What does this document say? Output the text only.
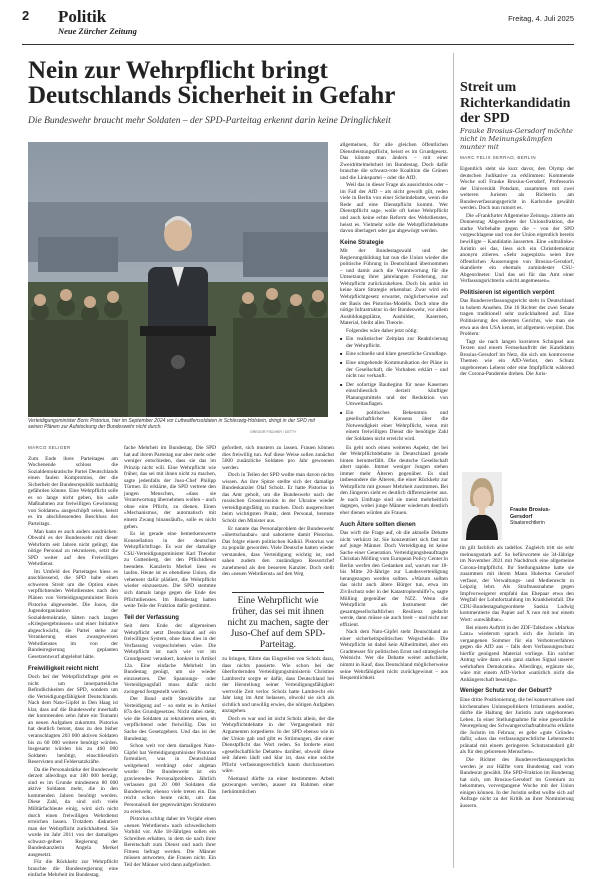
2 Politik
Neue Zürcher Zeitung
Freitag, 4. Juli 2025
Nein zur Wehrpflicht bringt Deutschlands Sicherheit in Gefahr
Die Bundeswehr braucht mehr Soldaten – der SPD-Parteitag erkennt darin keine Dringlichkeit
Verteidigungsminister Boris Pistorius, hier im September 2024 vor Luftwaffensoldaten in Schleswig-Holstein, dringt in der SPD mit seinen Plänen zur Aufstockung der Bundeswehr nicht durch.
GREGOR FISCHER / GETTY

MARCO SELIGER

Zum Ende ihres Parteitages am Wochenende schloss die Sozialdemokratische Partei Deutschlands einen faulen Kompromiss, der die Sicherheit der Bundesrepublik nachhaltig gefährden könnte. Eine Wehrpflicht solle es so lange nicht geben, bis »alle Maßnahmen zur freiwilligen Gewinnung von Soldaten« ausgeschöpft seien, heisst es im abschliessenden Beschluss des Parteitags.

Man kann es auch anders ausdrücken: Obwohl es der Bundeswehr mit dieser Wehrform seit Jahren nicht gelingt, das nötige Personal zu rekrutieren, setzt die SPD weiter auf den Freiwilligen Wehrdienst.

Im Umfeld des Parteitages hiess es anschliessend, die SPD habe einen schweren Streit um die Option eines verpflichtenden Wehrdienstes nach den Plänen von Verteidigungsminister Boris Pistorius abgewendet. Die Jusos, die Jugendorganisation der Sozialdemokratie, hätten nach langen »Kriegsergebnissen« und einer Initiative abgeschwächt, die Partei stehe zur Verankerung eines zwangsweisen Wehrdienstes im von der Bundesregierung geplanten Gesetzentwurf abgelehnt hätte.

Freiwilligkeit reicht nicht

Doch bei der Wehrpflichtfrage geht es nicht um innerparteiliche Befindlichkeiten der SPD, sondern um die Verteidigungsfähigkeit Deutschlands. Nach dem Nato-Gipfel in Den Haag ist klar, dass auf die Bundeswehr innerhalb der kommenden zehn Jahre ein Tsunami an neuen Aufgaben zukommt. Pistorius hat deutlich betont, dass zu den bisher veranschlagten 203 000 aktiven Soldaten bis zu 60 000 weitere benötigt würden. Insgesamt würden bis zu 460 000 Soldaten benötigt, einschliesslich Reservisten und Feldersatzkräfte.

Da die Personalstärke der Bundeswehr derzeit allerdings nur 180 000 beträgt, sind es im Grunde mindestens 80 000 aktive Soldaten mehr, die in den kommenden Jahren benötigt werden. Diese Zahl, da sind sich viele Militärfachleute einig, wird sich nicht durch einen freiwilligen Wehrdienst erreichen lassen. Trotzdem diskutiert man der Wehrpflicht zurückhaltend. Sie wurde im Jahr 2011 von der damaligen schwarz-gelben Regierung der Bundeskanzlerin Angela Merkel ausgesetzt.

Für die Rückkehr zur Wehrpflicht brauchte die Bundesregierung eine einfache Mehrheit im Bundestag.

fache Mehrheit im Bundestag. Die SPD hat auf ihrem Parteitag nur aber mehr oder weniger entschieden, dass sie das im Prinzip nicht will. Eine Wehrpflicht wie früher, das sei mit ihnen nicht zu machen, sagte jedenfalls der Juso-Chef Philipp Türmer. Er erklärte, die SPD vertrete den jungen Menschen, »dass sie Verantwortung übernehmen wollen – auch ohne eine Pflicht, zu dienen. Einen »Mechanismus, der automatisch mit einem Zwang hinausläuft«, solle es nicht geben.

Es ist gerade eine bemerkenswerte Konstellation in der deutschen Wehrpflichtfrage. Es war der damalige CSU-Verteidigungsminister Karl Theodor zu Guttenberg, der den Pflichtdienst beendete. Kanzlerin Merkel liess es laufen. Heute ist es ebendiese Union, die vehement dafür plädiert, die Wehrpflicht wieder einzusetzen. Die SPD stemmte sich damals lange gegen die Ende des Pflichtdienstes. Im Bundestag hatten weite Teile der Fraktion dafür gestimmt.

Teil der Verfassung

Seit dem Ende der allgemeinen Wehrpflicht setzt Deutschland auf ein freiwilliges System, ohne dass dies in der Verfassung vorgeschrieben wäre. Die Wehrpflicht ist nach wie vor im Grundgesetz verankert, konkret in Artikel 12a. Eine einfache Mehrheit im Bundestag genügt, um sie wieder einzusetzen. Der Spannungs- oder Verteidigungsfall muss dafür nicht zwingend festgestellt werden.

Der Bund stellt Streitkräfte zur Verteidigung auf – so steht es in Artikel 87a des Grundgesetzes. Nicht dabei steht, wie die Soldaten zu rekrutieren seien, ob verpflichtend oder freiwillig. Das ist Sache des Gesetzgebers. Und das ist der Bundestag.

Schon weit vor dem damaligen Nato-Gipfel hat Verteidigungsminister Pistorius formuliert, was in Deutschland weitgehend verdrängt oder abgetan wurde: Die Bundeswehr ist ein gravierendes Personalproblem. Jährlich verlassen gut 20 000 Soldaten die Bundeswehr, ebenso viele treten ein. Das reicht schon heute nicht, um das Personalsoll der gegenwärtigen Strukturen zu erreichen.

Pistorius schlug daher im Vorjahr einen »neuen Wehrdienst« nach schwedischem Vorbild vor. Alle 18-Jährigen sollen ein Schreiben erhalten, in dem sie nach ihrer Bereitschaft zum Dienst und nach ihrer Fitness befragt werden. Die Männer müssen antworten, die Frauen nicht. Ein Teil der Männer wird dann aufgefordert.

gefordert, sich mustern zu lassen. Frauen können dies freiwillig tun. Auf diese Weise sollen zunächst 5000 zusätzliche Soldaten pro Jahr gewonnen werden.

Doch in Teilen der SPD wollte man davon nichts wissen. An ihre Spitze stellte sich der damalige Bundeskanzler Olaf Scholz. Er hatte Pistorius in das Amt geholt, um die Bundeswehr nach der russischen Grossinvasion in der Ukraine wieder verteidigungsfähig zu machen. Doch ausgerechnet beim wichtigsten Punkt, dem Personal, bremste Scholz den Minister aus.

Er nannte das Personalproblem der Bundeswehr »übertschaubar« und sabotierte damit Pistorius. Das folgte einem politischen Kalkül. Pistorius war zu populär geworden. Viele Deutsche hatten wieder verstanden, dass Verteidigung wichtig ist, und sahen zudem den zuständigen Ressortchef zunehmend als den besseren Kanzler. Doch stellt den »neuen Wehrdienst« auf den Weg

Eine Wehrpflicht wie früher, das sei mit ihnen nicht zu machen, sagte der Juso-Chef auf dem SPD-Parteitag.

zu bringen, führte das Eingreifen von Scholz dazu, dass nichts passierte. Wie schon bei der überfordernden Verteidigungsministerin Christine Lambrecht sorgte er dafür, dass Deutschland bei der Herstellung seiner Verteidigungsfähigkeit wertvolle Zeit verlor. Scholz hatte Lambrecht ein Jahr lang im Amt belassen, obwohl sie sich als sichtlich und unwillig erwies, die nötigen Aufgaben anzugehen.

Doch es war und ist nicht Scholz allein, der die Wehrpflichtdebatte in der Vergangenheit mit Argumenten torpedierte. In der SPD ebenso wie in der Union gab und gibt es Strömungen, die einer Dienstpflicht das Wort reden. So forderte einst »gesellschaftliche Debatte« darüber, obwohl diese seit Jahren läuft und klar ist, dass eine solche Pflicht verfassungsrechtlich kaum durchzusetzen wäre.

Niemand dürfte zu einer bestimmten Arbeit gezwungen werden, ausser im Rahmen einer herkömmlichen

allgemeinen, für alle gleichen öffentlichen Dienstleistungspflicht, heisst es im Grundgesetz. Das könnte man ändern – mit einer Zweidrittelmehrheit im Bundestag. Doch dafür brauchte die schwarz-rote Koalition die Grünen und die Linkspartei – oder die AfD.

Weil das in dieser Frage als aussichtslos oder – im Fall der AfD – als nicht gewollt gilt, reden viele in Berlin von einer Scheindebatte, wenn die Rede auf eine Dienstpflicht kommt. Wer Dienstpflicht sage, wolle oft keine Wehrpflicht und auch keine echte Reform des Wehrdienstes, heisst es. Vielmehr solle die Wehrpflichtdebatte davon überlagert oder gar abgewürgt werden.

Keine Strategie

Mit der Bundestagswahl und der Regierungsbildung hat nun die Union wieder die politische Führung in Deutschland übernommen – und damit auch die Verantwortung für die Umsetzung ihrer jahrelangen Forderung, zur Wehrpflicht zurückzukehren. Doch bis anhin ist keine klare Strategie erkennbar. Zwar wird ein Wehrpflichtgesetz erwartet, möglicherweise auf der Basis des Pistorius-Modells. Doch ohne die nötige Infrastruktur in der Bundeswehr, vor allem Ausbildungsplätze, Ausbilder, Kasernen, Material, bleibt alles Theorie.

Folgendes wäre daher jetzt nötig:

■ Ein realistischer Zeitplan zur Reaktivierung der Wehrpflicht.
■ Eine schnelle und klare gesetzliche Grundlage.
■ Eine umgehende Kommunikation der Pläne in der Gesellschaft, die Vorhaben erklärt – und nicht nur verkauft.
■ Der sofortige Baubeginn für neue Kasernen einschliesslich derzeit künftiger Planungsmitteln und der Reduktion von Umweltauflagen.
■ Ein politisches Bekenntnis und gesellschaftlicher Konsens über die Notwendigkeit einer Wehrpflicht, wenn mit einem freiwilligen Dienst die benötigte Zahl der Soldaten nicht erreicht wird.

Es geht noch einen weiteren Aspekt, der bei der Wehrpflichtdebatte in Deutschland gerade hinten herunterfällt. Die deutsche Gesellschaft altert rapide. Immer weniger Jungen stehen immer mehr Älteren gegenüber. Es sind insbesondere die Älteren, die einer Rückkehr zur Wehrpflicht mit grosser Mehrheit zustimmen. Bei den Jüngeren sieht es deutlich differenzierter aus. Je nach Umfrage sind sie meist mehrheitlich dagegen, wobei junge Männer wiederum deutlich eher dienen würden als Frauen.

Auch Ältere sollten dienen

Das wirft die Frage auf, ob die aktuelle Debatte nicht verkürzt ist. Sie konzentriert sich fast nur auf junge Männer. Doch Verteidigung ist keine Sache einer Generation. Verteidigungsbeauftragte Christian Mölling vom European Policy Center in Berlin werfen den Gedanken auf, warum nur 18- bis Mitte 20-Jährige zur Landesverteidigung herangezogen werden sollten. »Warum sollten das nicht auch ältere Bürger tun, etwa im Zivilschutz oder in der Katastrophenhilfe?«, sagte Mölling gegenüber der NZZ. Wenn die Wehrpflicht als Instrument der gesamtgesellschaftlichen Resilienz gedacht werde, dann müsse sie auch breit – und nicht nur effizient.

Nach dem Nato-Gipfel steht Deutschland an einer sicherheitspolitischen Wegscheide. Die Wehrpflicht ist dabei kein Allheilmittel, aber ein Gradmesser für politischen Ernst und strategische Weitsicht. Wer die Debatte weiter aufschiebt, nimmt in Kauf, dass Deutschland möglicherweise seine Wehrfähigkeit nicht zurückgewinnt – aus Bequemlichkeit.

Streit um Richterkandidatin der SPD
Frauke Brosius-Gersdorf möchte nicht in Meinungskämpfen munter mit
MARC FELIX SERRAO, BERLIN

Eigentlich steht sie kurz davor, den Olymp der deutschen Judikative zu erklimmen: Kommende Woche soll Frauke Brosius-Gersdorf, Professorin der Universität Potsdam, zusammen mit zwei weiteren Juristen als Richterin am Bundesverfassungsgericht in Karlsruhe gewählt werden. Doch nun rumort es.

Die »Frankfurter Allgemeine Zeitung« zitierte am Donnerstag Abgeordnete der Unionsfraktion, die starke Vorbehalte gegen die – von der SPD vorgeschlagene und von der Union eigentlich bereits bewilligte – Kandidatin äusserten. Eine »ultralinke« Juristin sei das, liess sich ein Christdemokrat anonym zitieren. »Sehr zugespitzt« seien ihre öffentlichen Äusserungen von Brosius-Gersdorf, skandierte ein ehemals zumindester CSU-Abgeordneter. Und das sei für das Amt einer Verfassungsrichterin »nicht angemessen«.

Politisieren ist eigentlich verpönt

Das Bundesverfassungsgericht steht in Deutschland in hohem Ansehen. Die 16 Richter der zwei Senate tragen traditionell sehr zurückhaltend auf. Eine Politisierung des obersten Gerichts, wie man sie etwa aus den USA kennt, ist allgemein verpönt. Das Problem:

Tagt sie nach langen kursieren Schnipsel aus Texten und einem Fernsehauftritt der Kandidatin Brosius-Gersdorf im Netz, die sich um kontroverse Themen wie ein AfD-Verbot, den Schutz ungeborenen Lebens oder eine Impfpflicht während der Corona-Pandemie drehen. Die Juris-

Frauke Brosius-Gersdorf
Staatsrechtlerin

tin gilt fachlich als tadellos. Zugleich tritt sie sehr meinungsstark auf. So befürwortete sie 34-Jährige im November 2021 mit Nachdruck eine allgemeine Corona-Impfpflicht. Ihr Stellungnahme hatte sie zusammen mit ihrem Mann Hubertus Gersdorf verfasst, der Verwaltungs- und Medienrecht in Leipzig lehrt. Als Strafmassnahme gegen Impfverweigerer empfahl das Ehepaar etwa den Wegfall der Lohnfortzahlung im Krankheitsfall. Die CDU-Bundestagsabgeordnete Saskia Ludwig kommentierte das Papier auf X nun mit nur einem Wort: »unwählbar«.

Bei einem Auftritt in der ZDF-Talkshow »Markus Lanz« wiederum sprach sich die Juristin im vergangenen Sommer für ein Verbotsverfahren gegen die AfD aus – falls dem Verfassungsschutz hierfür genügend Material vorliege. Ein solcher Antrag wäre dann »ein ganz starkes Signal unserer wehrhaften Demokratie«. Allerdings, ergänzte sie, wäre mit einem AfD-Verbot »natürlich nicht die Anhängerschaft beseitigt«.

Weniger Schutz vor der Geburt?

Eine dritte Positionierung, die bei konservativen und kirchennahen Unionspolitikern Irritationen auslöst, dürfte die Haltung der Juristin zum ungeborenen Leben. In einer Stellungnahme für eine gesetzliche Neuregelung des Schwangerschaftsabbruchs erklärte die Juristin im Februar, es gebe »gute Gründe« dafür, »dass das verfassungsrechtliche Lebensrecht pränatal mit einem geringeren Schutzstandard gilt als für den geborenen Menschen«.

Die Richter des Bundesverfassungsgerichts werden je zur Hälfte vom Bundestag und vom Bundesrat gewählt. Die SPD-Fraktion im Bundestag hat sich, um Brosius-Gersdorf im Gremium zu bekommen, vorvergangene Woche mit der Union einigen können. In der Juristin selbst wollte sich auf Anfrage nicht zu der Kritik an ihrer Nominierung äussern.
